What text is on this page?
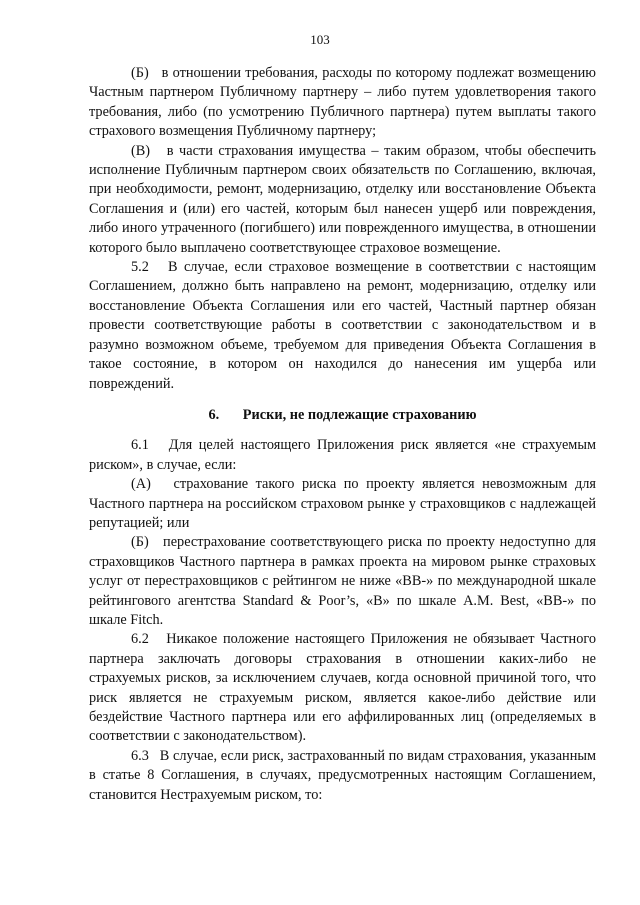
103

(Б)   в отношении требования, расходы по которому подлежат возмещению Частным партнером Публичному партнеру – либо путем удовлетворения такого требования, либо (по усмотрению Публичного партнера) путем выплаты такого страхового возмещения Публичному партнеру;

(В)   в части страхования имущества – таким образом, чтобы обеспечить исполнение Публичным партнером своих обязательств по Соглашению, включая, при необходимости, ремонт, модернизацию, отделку или восстановление Объекта Соглашения и (или) его частей, которым был нанесен ущерб или повреждения, либо иного утраченного (погибшего) или поврежденного имущества, в отношении которого было выплачено соответствующее страховое возмещение.

5.2   В случае, если страховое возмещение в соответствии с настоящим Соглашением, должно быть направлено на ремонт, модернизацию, отделку или восстановление Объекта Соглашения или его частей, Частный партнер обязан провести соответствующие работы в соответствии с законодательством и в разумно возможном объеме, требуемом для приведения Объекта Соглашения в такое состояние, в котором он находился до нанесения им ущерба или повреждений.

6. Риски, не подлежащие страхованию

6.1   Для целей настоящего Приложения риск является «не страхуемым риском», в случае, если:

(А)   страхование такого риска по проекту является невозможным для Частного партнера на российском страховом рынке у страховщиков с надлежащей репутацией; или

(Б)   перестрахование соответствующего риска по проекту недоступно для страховщиков Частного партнера в рамках проекта на мировом рынке страховых услуг от перестраховщиков с рейтингом не ниже «ВВ-» по международной шкале рейтингового агентства Standard & Poor’s, «В» по шкале A.M. Best, «ВВ-» по шкале Fitch.

6.2   Никакое положение настоящего Приложения не обязывает Частного партнера заключать договоры страхования в отношении каких-либо не страхуемых рисков, за исключением случаев, когда основной причиной того, что риск является не страхуемым риском, является какое-либо действие или бездействие Частного партнера или его аффилированных лиц (определяемых в соответствии с законодательством).

6.3   В случае, если риск, застрахованный по видам страхования, указанным в статье 8 Соглашения, в случаях, предусмотренных настоящим Соглашением, становится Нестрахуемым риском, то:
